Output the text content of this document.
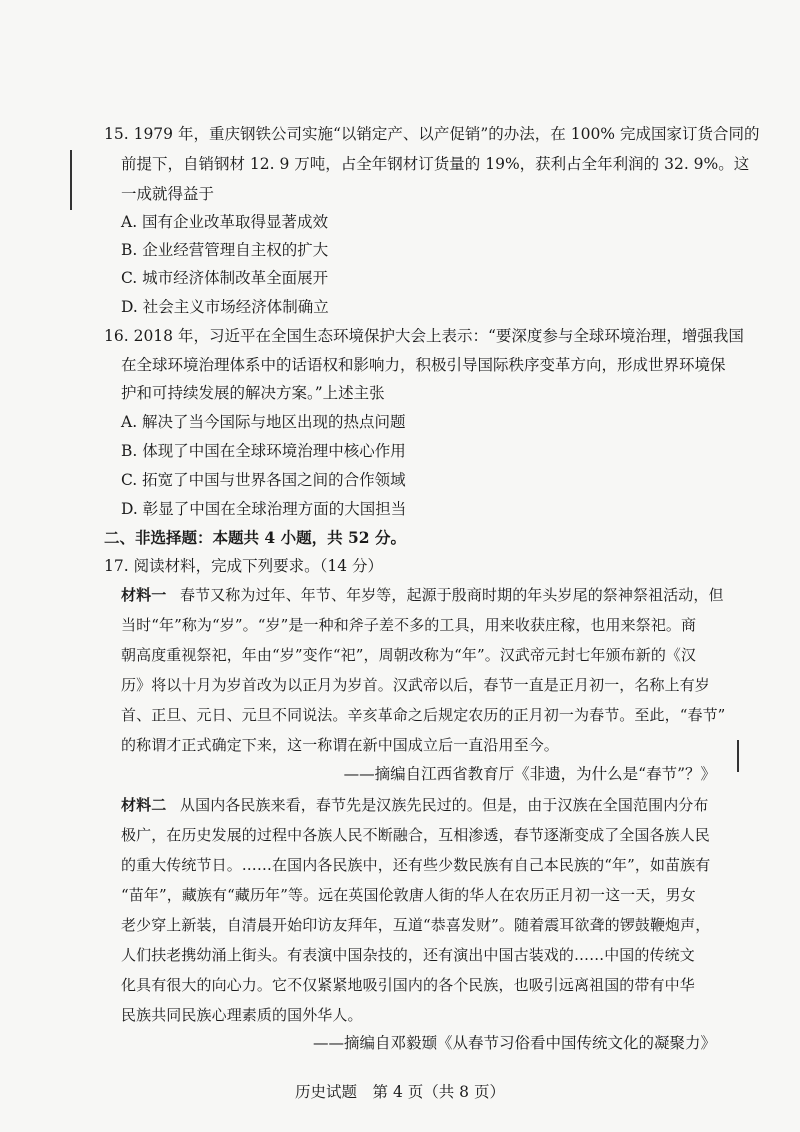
15. 1979 年，重庆钢铁公司实施“以销定产、以产促销”的办法，在 100% 完成国家订货合同的
前提下，自销钢材 12. 9 万吨，占全年钢材订货量的 19%，获利占全年利润的 32. 9%。这
一成就得益于
A. 国有企业改革取得显著成效
B. 企业经营管理自主权的扩大
C. 城市经济体制改革全面展开
D. 社会主义市场经济体制确立
16. 2018 年，习近平在全国生态环境保护大会上表示：“要深度参与全球环境治理，增强我国
在全球环境治理体系中的话语权和影响力，积极引导国际秩序变革方向，形成世界环境保
护和可持续发展的解决方案。”上述主张
A. 解决了当今国际与地区出现的热点问题
B. 体现了中国在全球环境治理中核心作用
C. 拓宽了中国与世界各国之间的合作领域
D. 彰显了中国在全球治理方面的大国担当
二、非选择题：本题共 4 小题，共 52 分。
17. 阅读材料，完成下列要求。（14 分）
材料一 春节又称为过年、年节、年岁等，起源于殷商时期的年头岁尾的祭神祭祖活动，但
当时“年”称为“岁”。“岁”是一种和斧子差不多的工具，用来收获庄稼，也用来祭祀。商
朝高度重视祭祀，年由“岁”变作“祀”，周朝改称为“年”。汉武帝元封七年颁布新的《汉
历》将以十月为岁首改为以正月为岁首。汉武帝以后，春节一直是正月初一，名称上有岁
首、正旦、元日、元旦不同说法。辛亥革命之后规定农历的正月初一为春节。至此，“春节”
的称谓才正式确定下来，这一称谓在新中国成立后一直沿用至今。
——摘编自江西省教育厅《非遗，为什么是“春节”？》
材料二 从国内各民族来看，春节先是汉族先民过的。但是，由于汉族在全国范围内分布
极广，在历史发展的过程中各族人民不断融合，互相渗透，春节逐渐变成了全国各族人民
的重大传统节日。……在国内各民族中，还有些少数民族有自己本民族的“年”，如苗族有
“苗年”，藏族有“藏历年”等。远在英国伦敦唐人街的华人在农历正月初一这一天，男女
老少穿上新装，自清晨开始印访友拜年，互道“恭喜发财”。随着震耳欲聋的锣鼓鞭炮声，
人们扶老携幼涌上街头。有表演中国杂技的，还有演出中国古装戏的……中国的传统文
化具有很大的向心力。它不仅紧紧地吸引国内的各个民族，也吸引远离祖国的带有中华
民族共同民族心理素质的国外华人。
——摘编自邓毅颋《从春节习俗看中国传统文化的凝聚力》
历史试题　第 4 页（共 8 页）
